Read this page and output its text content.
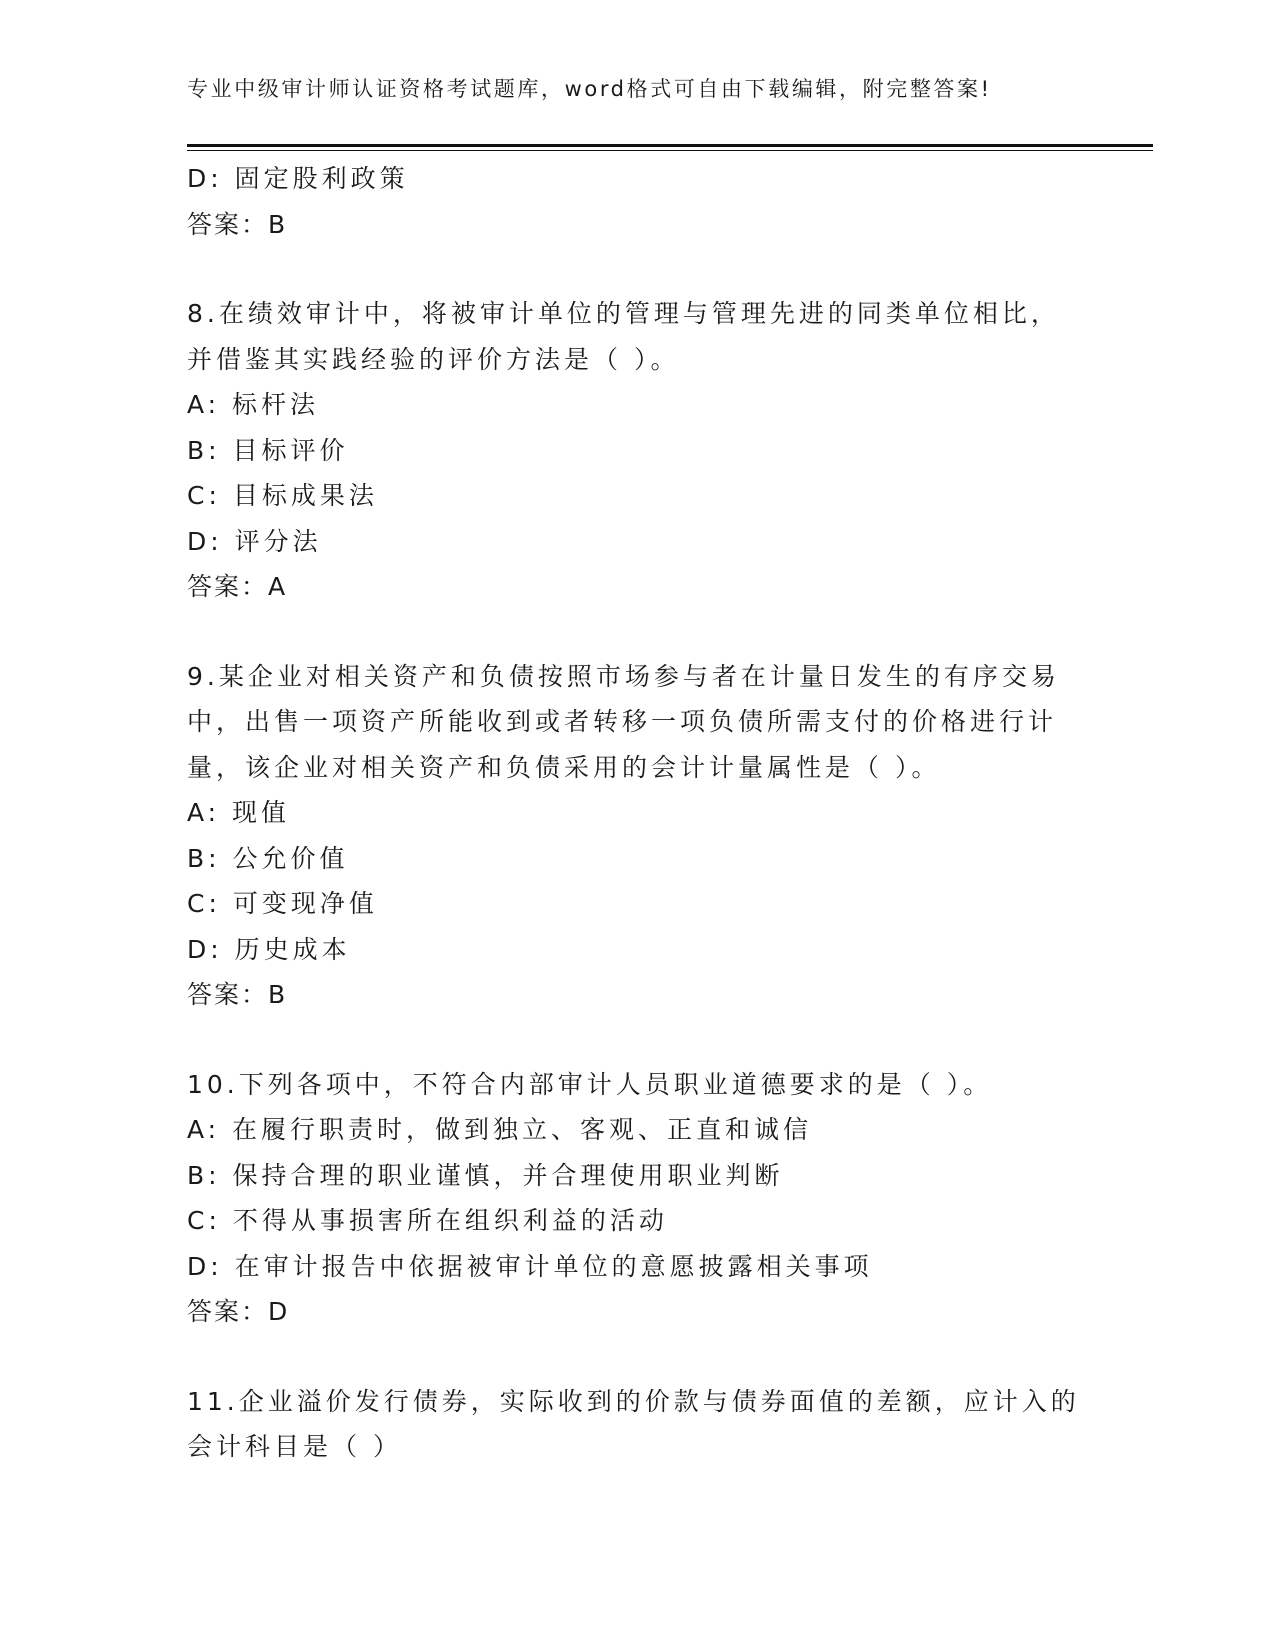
专业中级审计师认证资格考试题库，word格式可自由下载编辑，附完整答案!
D: 固定股利政策
答案：B
8.在绩效审计中，将被审计单位的管理与管理先进的同类单位相比，
并借鉴其实践经验的评价方法是（ ）。
A: 标杆法
B: 目标评价
C: 目标成果法
D: 评分法
答案：A
9.某企业对相关资产和负债按照市场参与者在计量日发生的有序交易
中，出售一项资产所能收到或者转移一项负债所需支付的价格进行计
量，该企业对相关资产和负债采用的会计计量属性是（ ）。
A: 现值
B: 公允价值
C: 可变现净值
D: 历史成本
答案：B
10.下列各项中，不符合内部审计人员职业道德要求的是（ ）。
A: 在履行职责时，做到独立、客观、正直和诚信
B: 保持合理的职业谨慎，并合理使用职业判断
C: 不得从事损害所在组织利益的活动
D: 在审计报告中依据被审计单位的意愿披露相关事项
答案：D
11.企业溢价发行债券，实际收到的价款与债券面值的差额，应计入的
会计科目是（ ）
